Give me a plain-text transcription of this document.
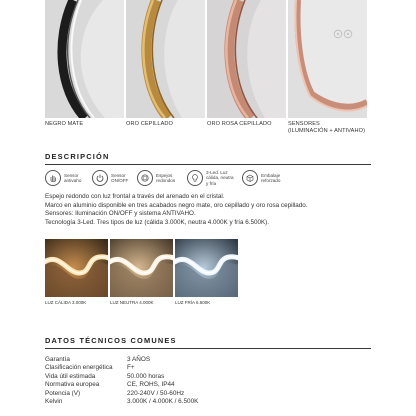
NEGRO MATE	ORO CEPILLADO	ORO ROSA CEPILLADO	SENSORES
(ILUMINACIÓN + ANTIVAHO)
DESCRIPCIÓN
Sensor
antivaho
Sensor
ON/OFF
Espejos
redondos
3-Led. Luz
cálida, neutra
y fría
Embalaje
reforzado
Espejo redondo con luz frontal a través del arenado en el cristal.
Marco en aluminio disponible en tres acabados negro mate, oro cepillado y oro rosa cepillado.
Sensores: Iluminación ON/OFF y sistema ANTIVAHO.
Tecnología 3-Led. Tres tipos de luz (cálida 3.000K, neutra 4.000K y fría 6.500K).
LUZ CÁLIDA 3.000K	LUZ NEUTRA 4.000K	LUZ FRÍA 6.500K
DATOS TÉCNICOS COMUNES
Garantía	3 AÑOS
Clasificación energética	F+
Vida útil estimada	50.000 horas
Normativa europea	CE, ROHS, IP44
Potencia (V)	220-240V / 50-60Hz
Kelvin	3.000K / 4.000K / 6.500K
